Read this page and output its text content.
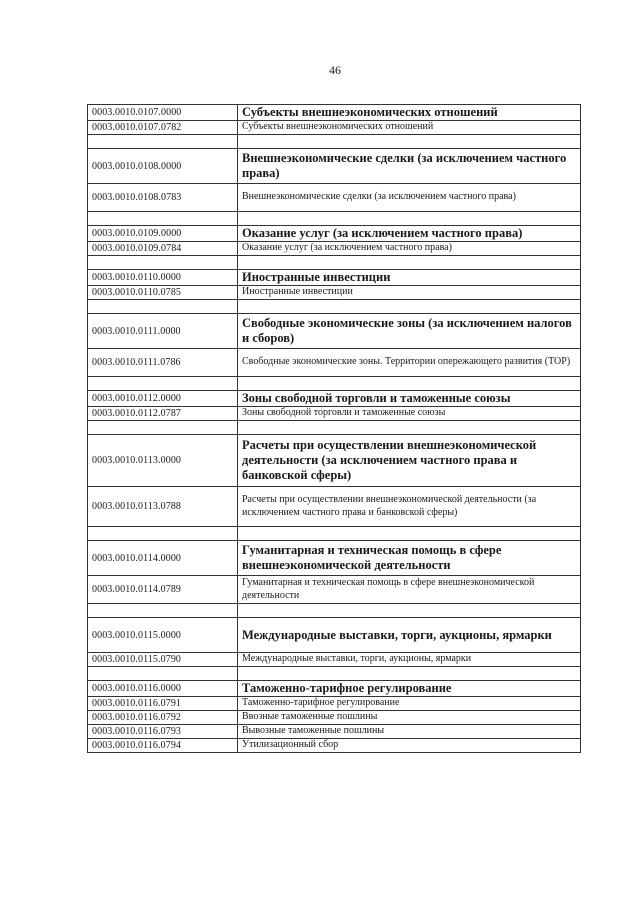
46
0003.0010.0107.0000	Субъекты внешнеэкономических отношений
0003.0010.0107.0782	Субъекты внешнеэкономических отношений

0003.0010.0108.0000	Внешнеэкономические сделки (за исключением частного права)
0003.0010.0108.0783	Внешнеэкономические сделки (за исключением частного права)

0003.0010.0109.0000	Оказание услуг (за исключением частного права)
0003.0010.0109.0784	Оказание услуг (за исключением частного права)

0003.0010.0110.0000	Иностранные инвестиции
0003.0010.0110.0785	Иностранные инвестиции

0003.0010.0111.0000	Свободные экономические зоны (за исключением налогов и сборов)
0003.0010.0111.0786	Свободные экономические зоны. Территории опережающего развития (ТОР)

0003.0010.0112.0000	Зоны свободной торговли и таможенные союзы
0003.0010.0112.0787	Зоны свободной торговли и таможенные союзы

0003.0010.0113.0000	Расчеты при осуществлении внешнеэкономической деятельности (за исключением частного права и банковской сферы)
0003.0010.0113.0788	Расчеты при осуществлении внешнеэкономической деятельности (за исключением частного права и банковской сферы)

0003.0010.0114.0000	Гуманитарная и техническая помощь в сфере внешнеэкономической деятельности
0003.0010.0114.0789	Гуманитарная и техническая помощь в сфере внешнеэкономической деятельности

0003.0010.0115.0000	Международные выставки, торги, аукционы, ярмарки
0003.0010.0115.0790	Международные выставки, торги, аукционы, ярмарки

0003.0010.0116.0000	Таможенно-тарифное регулирование
0003.0010.0116.0791	Таможенно-тарифное регулирование
0003.0010.0116.0792	Ввозные таможенные пошлины
0003.0010.0116.0793	Вывозные таможенные пошлины
0003.0010.0116.0794	Утилизационный сбор
